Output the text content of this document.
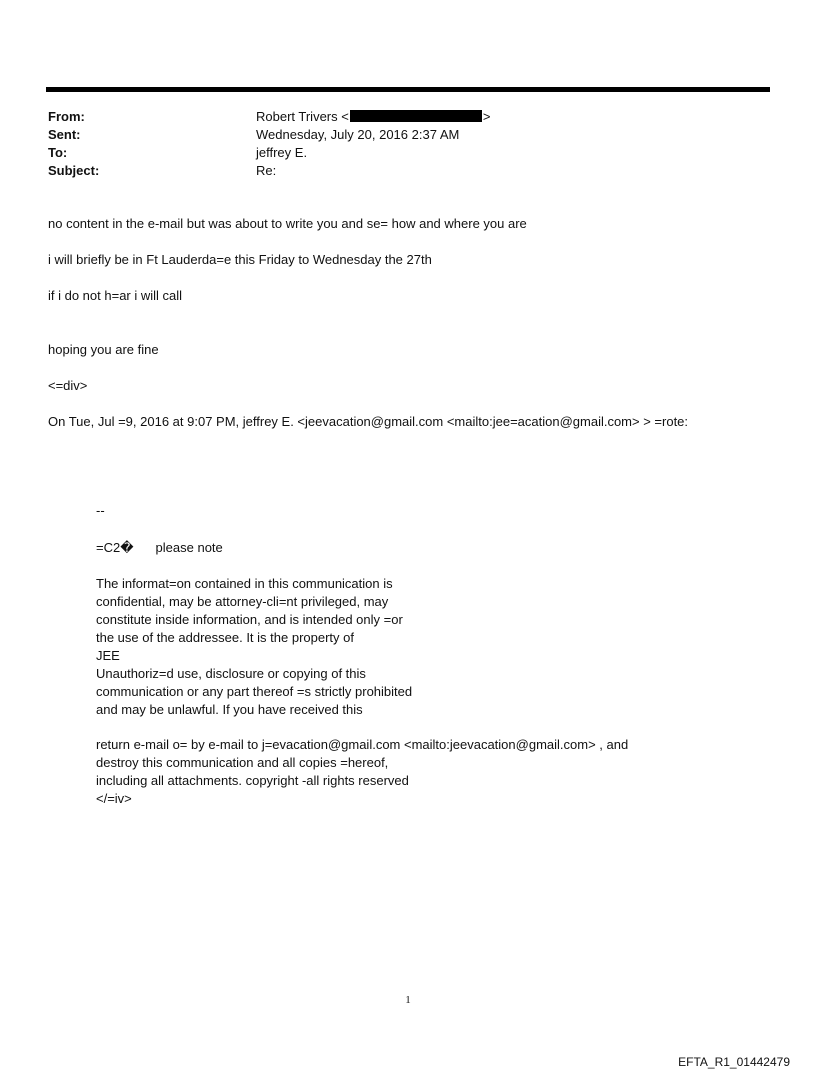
From:	Robert Trivers <	>
Sent:	Wednesday, July 20, 2016 2:37 AM
To:	jeffrey E.
Subject:	Re:
no content in the e-mail but was about to write you and se= how and where you are
i will briefly be in Ft Lauderda=e this Friday to Wednesday the 27th
if i do not h=ar i will call
hoping you are fine
<=div>
On Tue, Jul =9, 2016 at 9:07 PM, jeffrey E. <jeevacation@gmail.com <mailto:jee=acation@gmail.com> > =rote:
--
=C2� please note
The informat=on contained in this communication is
confidential, may be attorney-cli=nt privileged, may
constitute inside information, and is intended only =or
the use of the addressee. It is the property of
JEE
Unauthoriz=d use, disclosure or copying of this
communication or any part thereof =s strictly prohibited
and may be unlawful. If you have received this
return e-mail o= by e-mail to j=evacation@gmail.com <mailto:jeevacation@gmail.com> , and
destroy this communication and all copies =hereof,
including all attachments. copyright -all rights reserved
</=iv>
1
EFTA_R1_01442479
